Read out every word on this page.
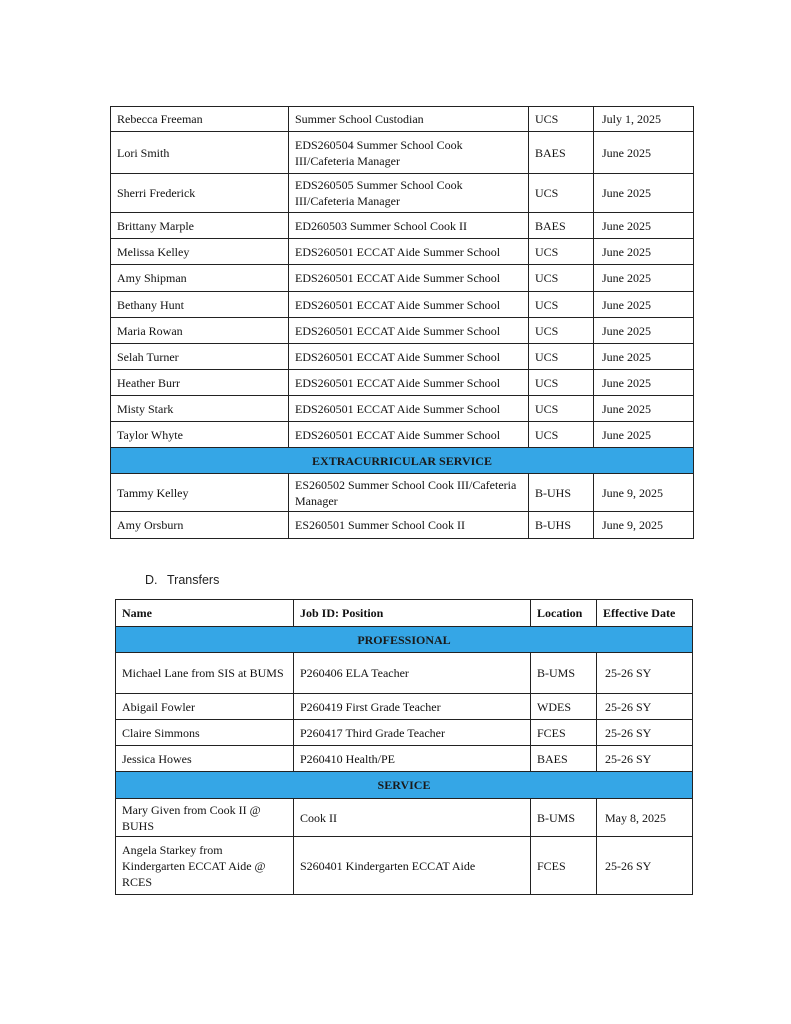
Rebecca Freeman	Summer School Custodian	UCS	July 1, 2025
Lori Smith	EDS260504 Summer School Cook III/Cafeteria Manager	BAES	June 2025
Sherri Frederick	EDS260505 Summer School Cook III/Cafeteria Manager	UCS	June 2025
Brittany Marple	ED260503 Summer School Cook II	BAES	June 2025
Melissa Kelley	EDS260501 ECCAT Aide Summer School	UCS	June 2025
Amy Shipman	EDS260501 ECCAT Aide Summer School	UCS	June 2025
Bethany Hunt	EDS260501 ECCAT Aide Summer School	UCS	June 2025
Maria Rowan	EDS260501 ECCAT Aide Summer School	UCS	June 2025
Selah Turner	EDS260501 ECCAT Aide Summer School	UCS	June 2025
Heather Burr	EDS260501 ECCAT Aide Summer School	UCS	June 2025
Misty Stark	EDS260501 ECCAT Aide Summer School	UCS	June 2025
Taylor Whyte	EDS260501 ECCAT Aide Summer School	UCS	June 2025
EXTRACURRICULAR SERVICE			
Tammy Kelley	ES260502 Summer School Cook III/Cafeteria Manager	B-UHS	June 9, 2025
Amy Orsburn	ES260501 Summer School Cook II	B-UHS	June 9, 2025
D. Transfers
Name	Job ID: Position	Location	Effective Date
PROFESSIONAL			
Michael Lane from SIS at BUMS	P260406 ELA Teacher	B-UMS	25-26 SY
Abigail Fowler	P260419 First Grade Teacher	WDES	25-26 SY
Claire Simmons	P260417 Third Grade Teacher	FCES	25-26 SY
Jessica Howes	P260410 Health/PE	BAES	25-26 SY
SERVICE			
Mary Given from Cook II @ BUHS	Cook II	B-UMS	May 8, 2025
Angela Starkey from Kindergarten ECCAT Aide @ RCES	S260401 Kindergarten ECCAT Aide	FCES	25-26 SY
